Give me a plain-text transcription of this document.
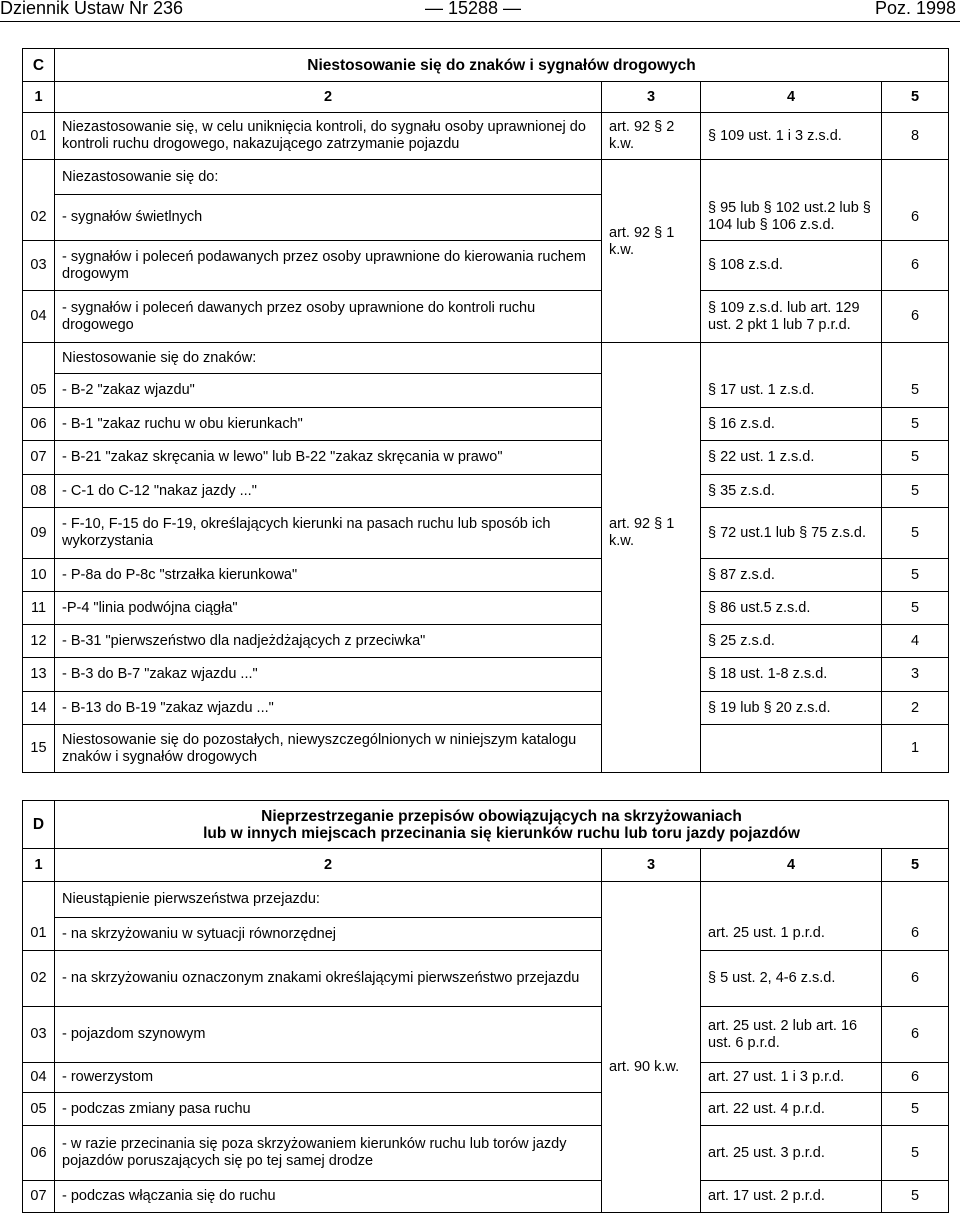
Dziennik Ustaw Nr 236	— 15288 —	Poz. 1998
C	Niestosowanie się do znaków i sygnałów drogowych			
1	2	3	4	5
01	Niezastosowanie się, w celu uniknięcia kontroli, do sygnału osoby uprawnionej do kontroli ruchu drogowego, nakazującego zatrzymanie pojazdu	art. 92 § 2 k.w.	§ 109 ust. 1 i 3 z.s.d.	8
	Niezastosowanie się do:			
02	- sygnałów świetlnych	art. 92 § 1 k.w.	§ 95 lub § 102 ust.2 lub § 104 lub § 106 z.s.d.	6
03	- sygnałów i poleceń podawanych przez osoby uprawnione do kierowania ruchem drogowym		§ 108 z.s.d.	6
04	- sygnałów i poleceń dawanych przez osoby uprawnione do kontroli ruchu drogowego		§ 109 z.s.d. lub art. 129 ust. 2 pkt 1 lub 7 p.r.d.	6
	Niestosowanie się do znaków:			
05	- B-2 "zakaz wjazdu"	art. 92 § 1 k.w.	§ 17 ust. 1 z.s.d.	5
06	- B-1 "zakaz ruchu w obu kierunkach"		§ 16 z.s.d.	5
07	- B-21 "zakaz skręcania w lewo" lub B-22 "zakaz skręcania w prawo"		§ 22 ust. 1 z.s.d.	5
08	- C-1 do C-12 "nakaz jazdy ..."		§ 35 z.s.d.	5
09	- F-10, F-15 do F-19, określających kierunki na pasach ruchu lub sposób ich wykorzystania		§ 72 ust.1 lub § 75 z.s.d.	5
10	- P-8a do P-8c "strzałka kierunkowa"		§ 87 z.s.d.	5
11	-P-4 "linia podwójna ciągła"		§ 86 ust.5 z.s.d.	5
12	- B-31 "pierwszeństwo dla nadjeżdżających z przeciwka"		§ 25 z.s.d.	4
13	- B-3 do B-7 "zakaz wjazdu ..."		§ 18 ust. 1-8 z.s.d.	3
14	- B-13 do B-19 "zakaz wjazdu ..."		§ 19 lub § 20 z.s.d.	2
15	Niestosowanie się do pozostałych, niewyszczególnionych w niniejszym katalogu znaków i sygnałów drogowych			1
D	Nieprzestrzeganie przepisów obowiązujących na skrzyżowaniach
lub w innych miejscach przecinania się kierunków ruchu lub toru jazdy pojazdów			

1	2	3	4	5
	Nieustąpienie pierwszeństwa przejazdu:	art. 90 k.w.		
01	- na skrzyżowaniu w sytuacji równorzędnej		art. 25 ust. 1 p.r.d.	6
02	- na skrzyżowaniu oznaczonym znakami określającymi pierwszeństwo przejazdu		§ 5 ust. 2, 4-6 z.s.d.	6
03	- pojazdom szynowym		art. 25 ust. 2 lub art. 16 ust. 6 p.r.d.	6
04	- rowerzystom		art. 27 ust. 1 i 3 p.r.d.	6
05	- podczas zmiany pasa ruchu		art. 22 ust. 4 p.r.d.	5
06	- w razie przecinania się poza skrzyżowaniem kierunków ruchu lub torów jazdy pojazdów poruszających się po tej samej drodze		art. 25 ust. 3 p.r.d.	5
07	- podczas włączania się do ruchu		art. 17 ust. 2 p.r.d.	5
